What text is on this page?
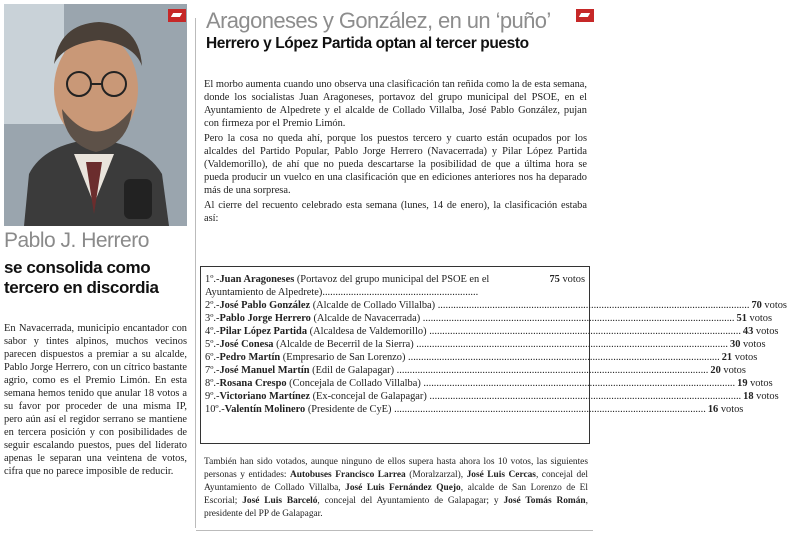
Pablo J. Herrero
se consolida como
tercero en discordia
En Navacerrada, municipio encantador con sabor y tintes alpinos, muchos vecinos parecen dispuestos a premiar a su alcalde, Pablo Jorge Herrero, con un cítrico bastante agrio, como es el Premio Limón. En esta semana hemos tenido que anular 18 votos a su favor por proceder de una misma IP, pero aún así el regidor serrano se mantiene en tercera posición y con posibilidades de seguir escalando puestos, pues del liderato apenas le separan una veintena de votos, cifra que no parece imposible de reducir.
Aragoneses y González, en un ‘puño’
Herrero y López Partida optan al tercer puesto

El morbo aumenta cuando uno observa una clasificación tan reñida como la de esta semana, donde los socialistas Juan Aragoneses, portavoz del grupo municipal del PSOE, en el Ayuntamiento de Alpedrete y el alcalde de Collado Villalba, José Pablo González, pujan con firmeza por el Premio Limón.

Pero la cosa no queda ahí, porque los puestos tercero y cuarto están ocupados por los alcaldes del Partido Popular, Pablo Jorge Herrero (Navacerrada) y Pilar López Partida (Valdemorillo), de ahí que no pueda descartarse la posibilidad de que a última hora se pueda producir un vuelco en una clasificación que en ediciones anteriores nos ha deparado más de una sorpresa.

Al cierre del recuento celebrado esta semana (lunes, 14 de enero), la clasificación estaba así:

1º.-Juan Aragoneses (Portavoz del grupo municipal del PSOE en el Ayuntamiento de Alpedrete)............................................................
75 votos
2º.-José Pablo González (Alcalde de Collado Villalba) ........................................................................................................................ 70 votos
3º.-Pablo Jorge Herrero (Alcalde de Navacerrada) ........................................................................................................................ 51 votos
4º.-Pilar López Partida (Alcaldesa de Valdemorillo) ........................................................................................................................ 43 votos
5º.-José Conesa (Alcalde de Becerril de la Sierra) ........................................................................................................................ 30 votos
6º.-Pedro Martín (Empresario de San Lorenzo) ........................................................................................................................ 21 votos
7º.-José Manuel Martín (Edil de Galapagar) ........................................................................................................................ 20 votos
8º.-Rosana Crespo (Concejala de Collado Villalba) ........................................................................................................................ 19 votos
9º.-Victoriano Martínez (Ex-concejal de Galapagar) ........................................................................................................................ 18 votos
10º.-Valentín Molinero (Presidente de CyE) ........................................................................................................................ 16 votos
También han sido votados, aunque ninguno de ellos supera hasta ahora los 10 votos, las siguientes personas y entidades: Autobuses Francisco Larrea (Moralzarzal), José Luis Cercas, concejal del Ayuntamiento de Collado Villalba, José Luis Fernández Quejo, alcalde de San Lorenzo de El Escorial; José Luis Barceló, concejal del Ayuntamiento de Galapagar; y José Tomás Román, presidente del PP de Galapagar.
